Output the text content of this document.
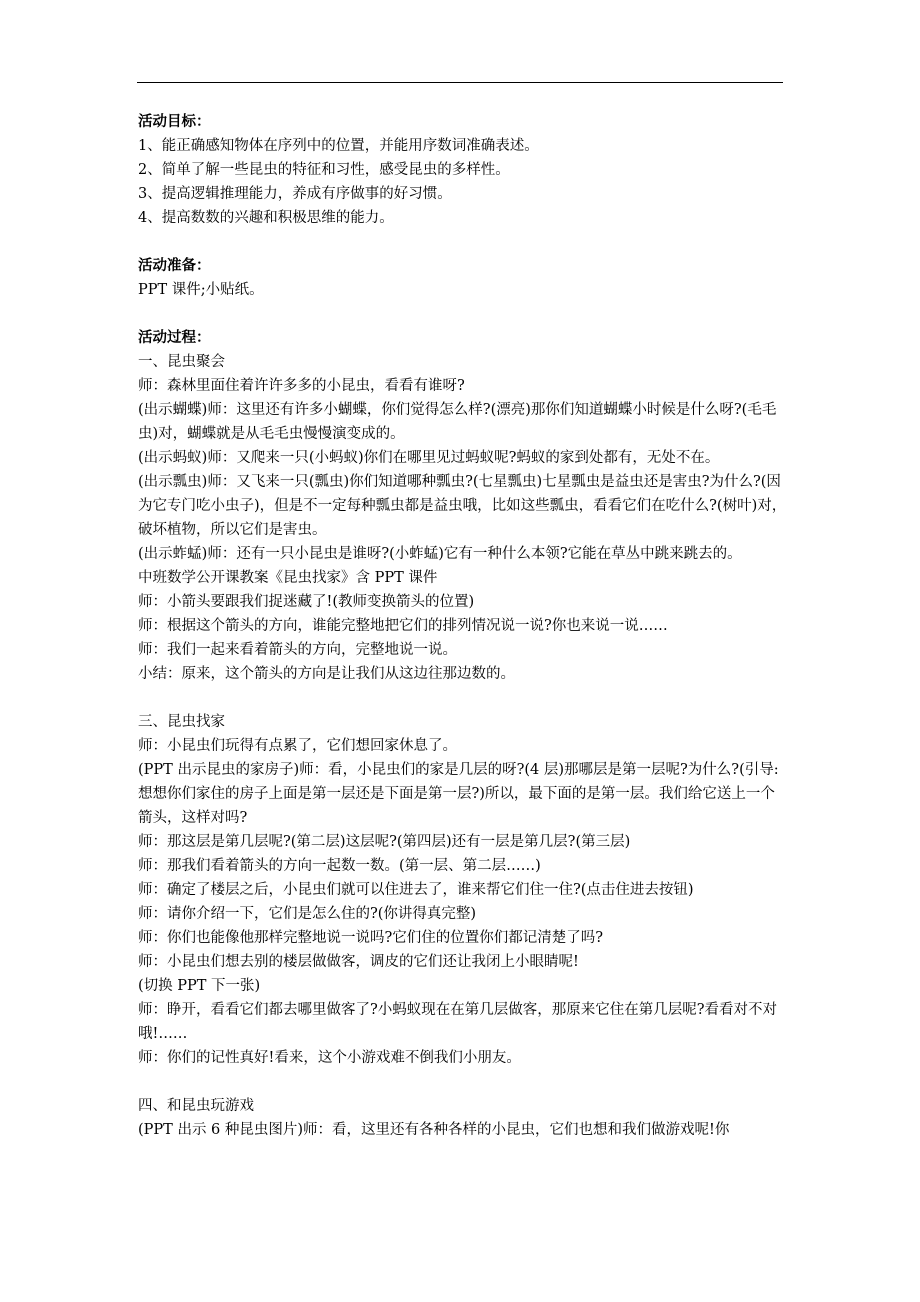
活动目标：
1、能正确感知物体在序列中的位置，并能用序数词准确表述。
2、简单了解一些昆虫的特征和习性，感受昆虫的多样性。
3、提高逻辑推理能力，养成有序做事的好习惯。
4、提高数数的兴趣和积极思维的能力。
活动准备：
PPT 课件;小贴纸。
活动过程：
一、昆虫聚会
师：森林里面住着许许多多的小昆虫，看看有谁呀?
(出示蝴蝶)师：这里还有许多小蝴蝶，你们觉得怎么样?(漂亮)那你们知道蝴蝶小时候是什么呀?(毛毛虫)对，蝴蝶就是从毛毛虫慢慢演变成的。
(出示蚂蚁)师：又爬来一只(小蚂蚁)你们在哪里见过蚂蚁呢?蚂蚁的家到处都有，无处不在。
(出示瓢虫)师：又飞来一只(瓢虫)你们知道哪种瓢虫?(七星瓢虫)七星瓢虫是益虫还是害虫?为什么?(因为它专门吃小虫子)，但是不一定每种瓢虫都是益虫哦，比如这些瓢虫，看看它们在吃什么?(树叶)对，破坏植物，所以它们是害虫。
(出示蚱蜢)师：还有一只小昆虫是谁呀?(小蚱蜢)它有一种什么本领?它能在草丛中跳来跳去的。
中班数学公开课教案《昆虫找家》含 PPT 课件
师：小箭头要跟我们捉迷藏了!(教师变换箭头的位置)
师：根据这个箭头的方向，谁能完整地把它们的排列情况说一说?你也来说一说……
师：我们一起来看着箭头的方向，完整地说一说。
小结：原来，这个箭头的方向是让我们从这边往那边数的。
三、昆虫找家
师：小昆虫们玩得有点累了，它们想回家休息了。
(PPT 出示昆虫的家房子)师：看，小昆虫们的家是几层的呀?(4 层)那哪层是第一层呢?为什么?(引导:想想你们家住的房子上面是第一层还是下面是第一层?)所以，最下面的是第一层。我们给它送上一个箭头，这样对吗?
师：那这层是第几层呢?(第二层)这层呢?(第四层)还有一层是第几层?(第三层)
师：那我们看着箭头的方向一起数一数。(第一层、第二层……)
师：确定了楼层之后，小昆虫们就可以住进去了，谁来帮它们住一住?(点击住进去按钮)
师：请你介绍一下，它们是怎么住的?(你讲得真完整)
师：你们也能像他那样完整地说一说吗?它们住的位置你们都记清楚了吗?
师：小昆虫们想去别的楼层做做客，调皮的它们还让我闭上小眼睛呢!
(切换 PPT 下一张)
师：睁开，看看它们都去哪里做客了?小蚂蚁现在在第几层做客，那原来它住在第几层呢?看看对不对哦!……
师：你们的记性真好!看来，这个小游戏难不倒我们小朋友。
四、和昆虫玩游戏
(PPT 出示 6 种昆虫图片)师：看，这里还有各种各样的小昆虫，它们也想和我们做游戏呢!你
